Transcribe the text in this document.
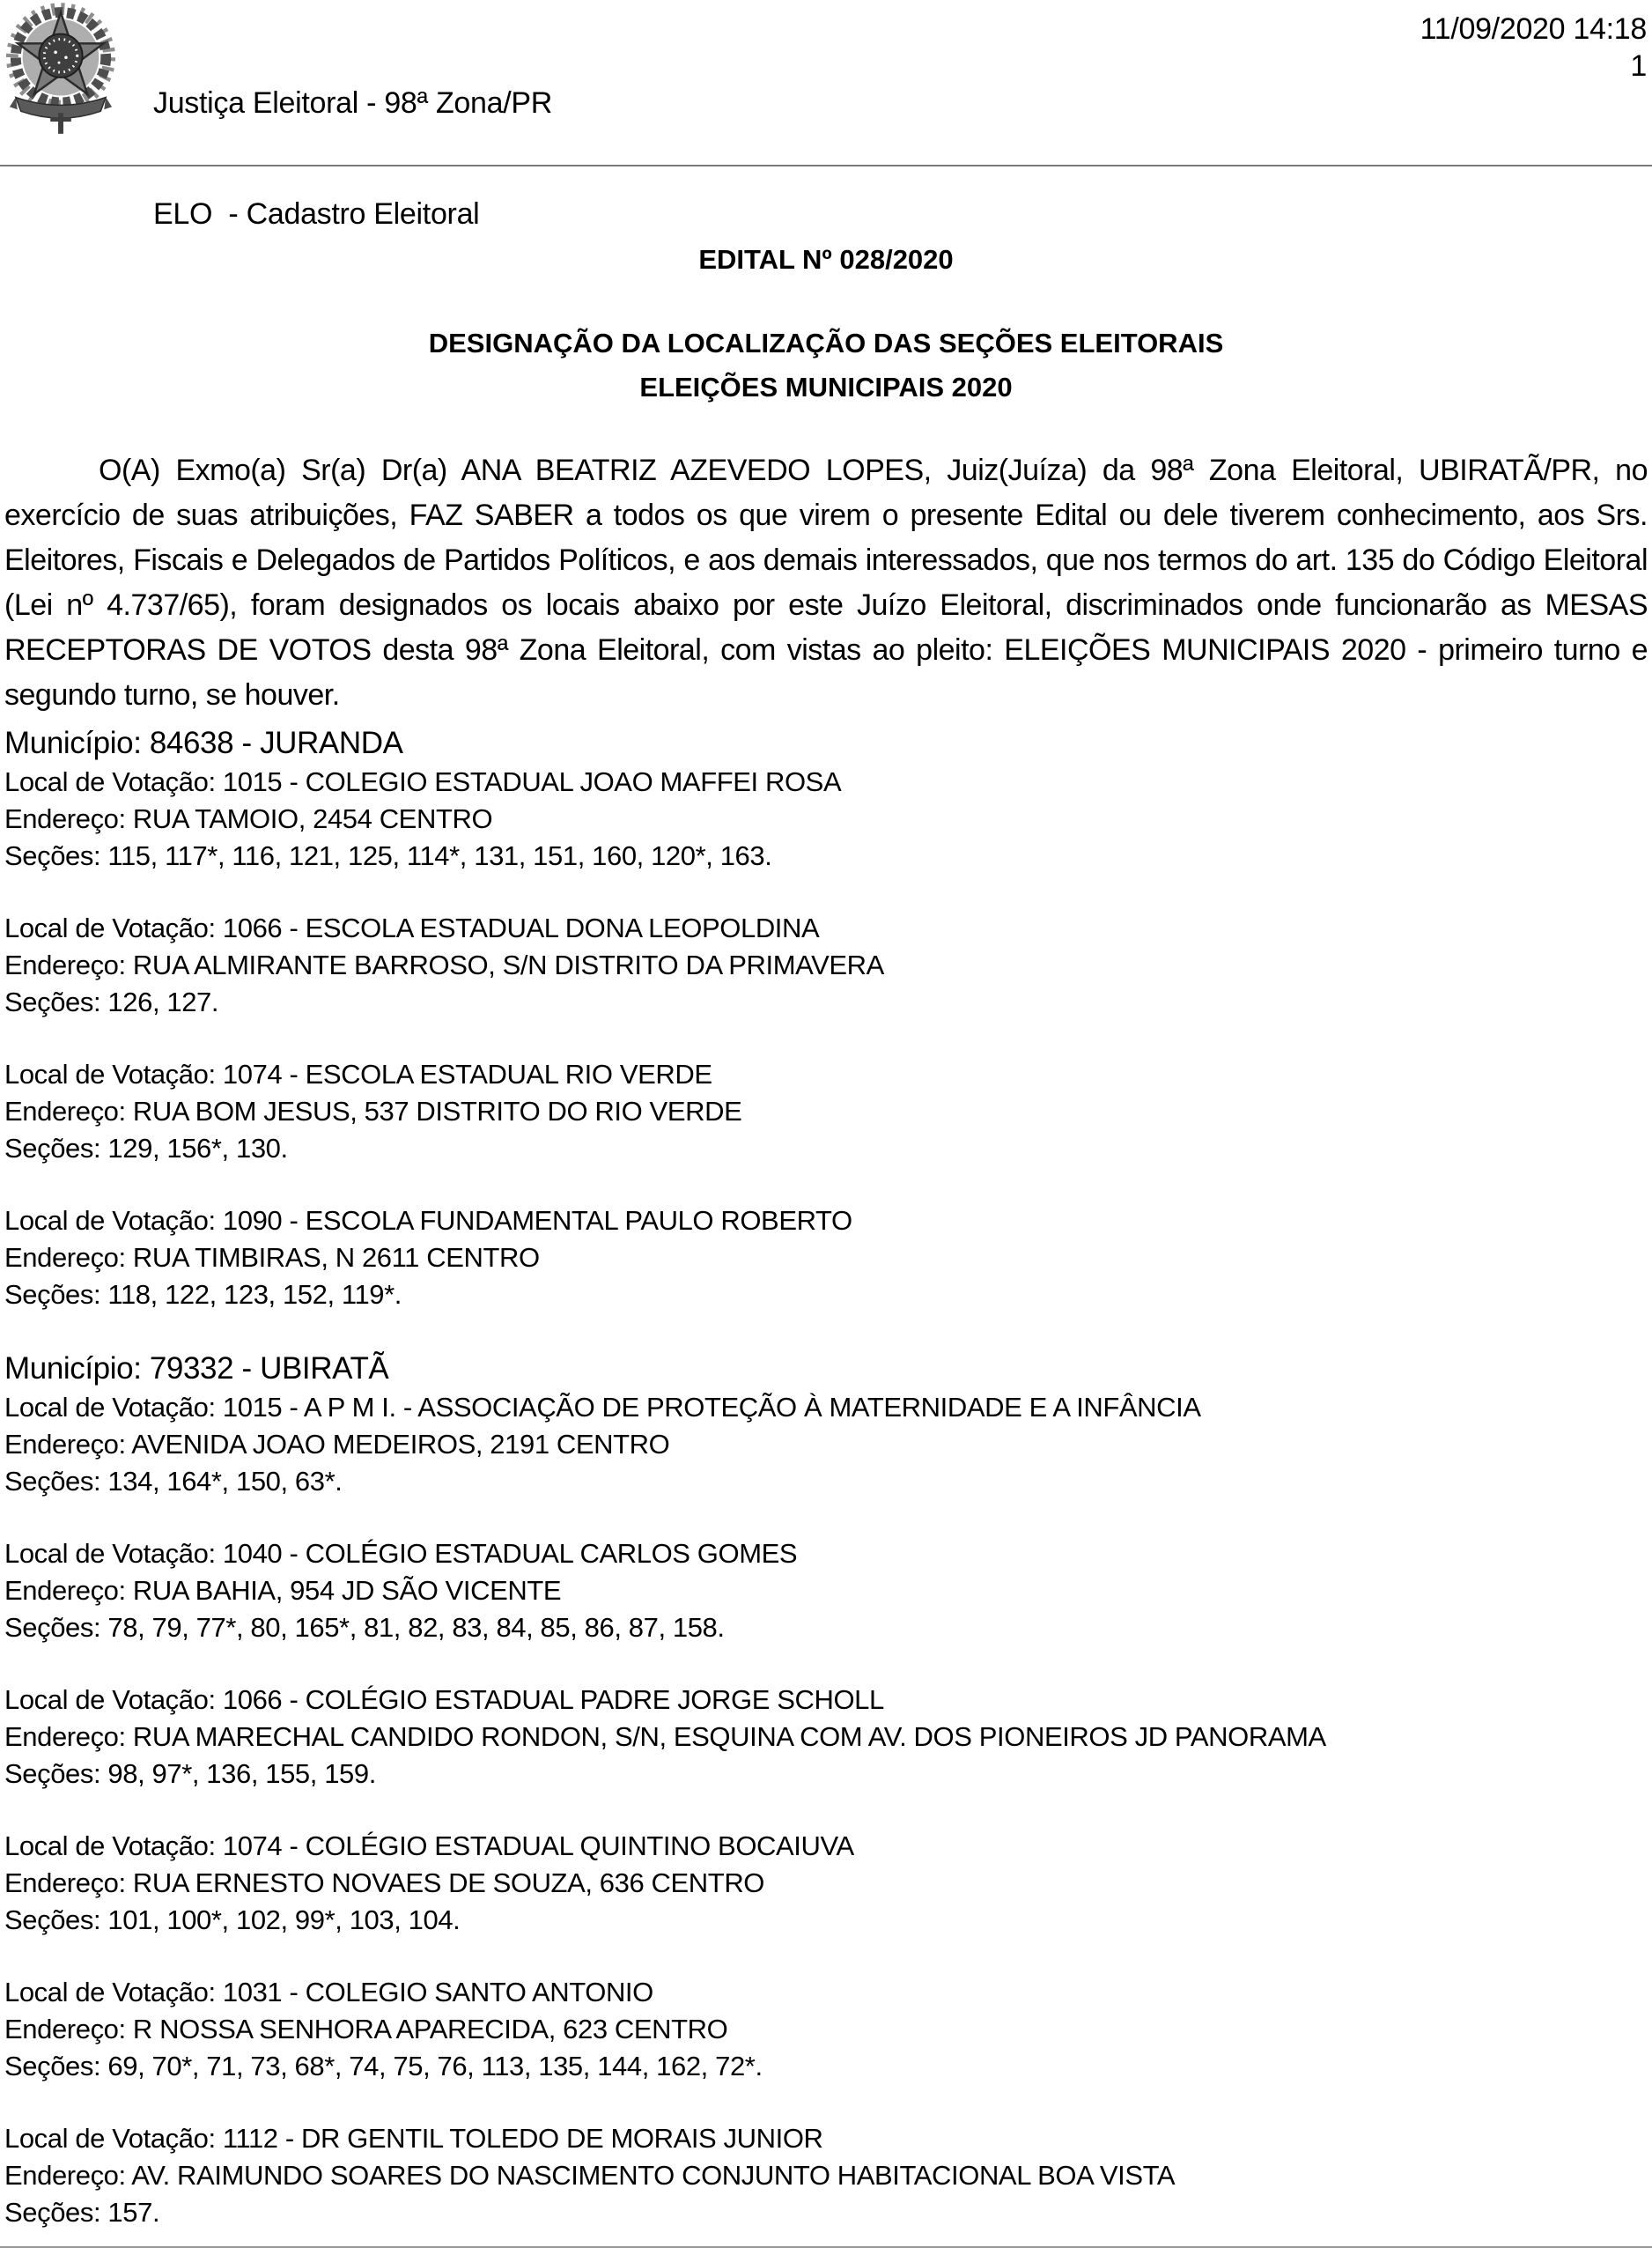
Justiça Eleitoral - 98ª Zona/PR

ELO  - Cadastro Eleitoral

11/09/2020 14:18
1
EDITAL Nº 028/2020
DESIGNAÇÃO DA LOCALIZAÇÃO DAS SEÇÕES ELEITORAIS
ELEIÇÕES MUNICIPAIS 2020

O(A) Exmo(a) Sr(a) Dr(a) ANA BEATRIZ AZEVEDO LOPES, Juiz(Juíza) da 98ª Zona Eleitoral, UBIRATÃ/PR, no exercício de suas atribuições, FAZ SABER a todos os que virem o presente Edital ou dele tiverem conhecimento, aos Srs. Eleitores, Fiscais e Delegados de Partidos Políticos, e aos demais interessados, que nos termos do art. 135 do Código Eleitoral (Lei nº 4.737/65), foram designados os locais abaixo por este Juízo Eleitoral, discriminados onde funcionarão as MESAS RECEPTORAS DE VOTOS desta 98ª Zona Eleitoral, com vistas ao pleito: ELEIÇÕES MUNICIPAIS 2020 - primeiro turno e segundo turno, se houver.

Município: 84638 - JURANDA
Local de Votação: 1015 - COLEGIO ESTADUAL JOAO MAFFEI ROSA
Endereço: RUA TAMOIO, 2454 CENTRO
Seções: 115, 117*, 116, 121, 125, 114*, 131, 151, 160, 120*, 163.
Local de Votação: 1066 - ESCOLA ESTADUAL DONA LEOPOLDINA
Endereço: RUA ALMIRANTE BARROSO, S/N DISTRITO DA PRIMAVERA
Seções: 126, 127.
Local de Votação: 1074 - ESCOLA ESTADUAL RIO VERDE
Endereço: RUA BOM JESUS, 537 DISTRITO DO RIO VERDE
Seções: 129, 156*, 130.
Local de Votação: 1090 - ESCOLA FUNDAMENTAL PAULO ROBERTO
Endereço: RUA TIMBIRAS, N 2611 CENTRO
Seções: 118, 122, 123, 152, 119*.
Município: 79332 - UBIRATÃ
Local de Votação: 1015 - A P M I. - ASSOCIAÇÃO DE PROTEÇÃO À MATERNIDADE E A INFÂNCIA
Endereço: AVENIDA JOAO MEDEIROS, 2191 CENTRO
Seções: 134, 164*, 150, 63*.
Local de Votação: 1040 - COLÉGIO ESTADUAL CARLOS GOMES
Endereço: RUA BAHIA, 954 JD SÃO VICENTE
Seções: 78, 79, 77*, 80, 165*, 81, 82, 83, 84, 85, 86, 87, 158.
Local de Votação: 1066 - COLÉGIO ESTADUAL PADRE JORGE SCHOLL
Endereço: RUA MARECHAL CANDIDO RONDON, S/N, ESQUINA COM AV. DOS PIONEIROS JD PANORAMA
Seções: 98, 97*, 136, 155, 159.
Local de Votação: 1074 - COLÉGIO ESTADUAL QUINTINO BOCAIUVA
Endereço: RUA ERNESTO NOVAES DE SOUZA, 636 CENTRO
Seções: 101, 100*, 102, 99*, 103, 104.
Local de Votação: 1031 - COLEGIO SANTO ANTONIO
Endereço: R NOSSA SENHORA APARECIDA, 623 CENTRO
Seções: 69, 70*, 71, 73, 68*, 74, 75, 76, 113, 135, 144, 162, 72*.
Local de Votação: 1112 - DR GENTIL TOLEDO DE MORAIS JUNIOR
Endereço: AV. RAIMUNDO SOARES DO NASCIMENTO CONJUNTO HABITACIONAL BOA VISTA
Seções: 157.
